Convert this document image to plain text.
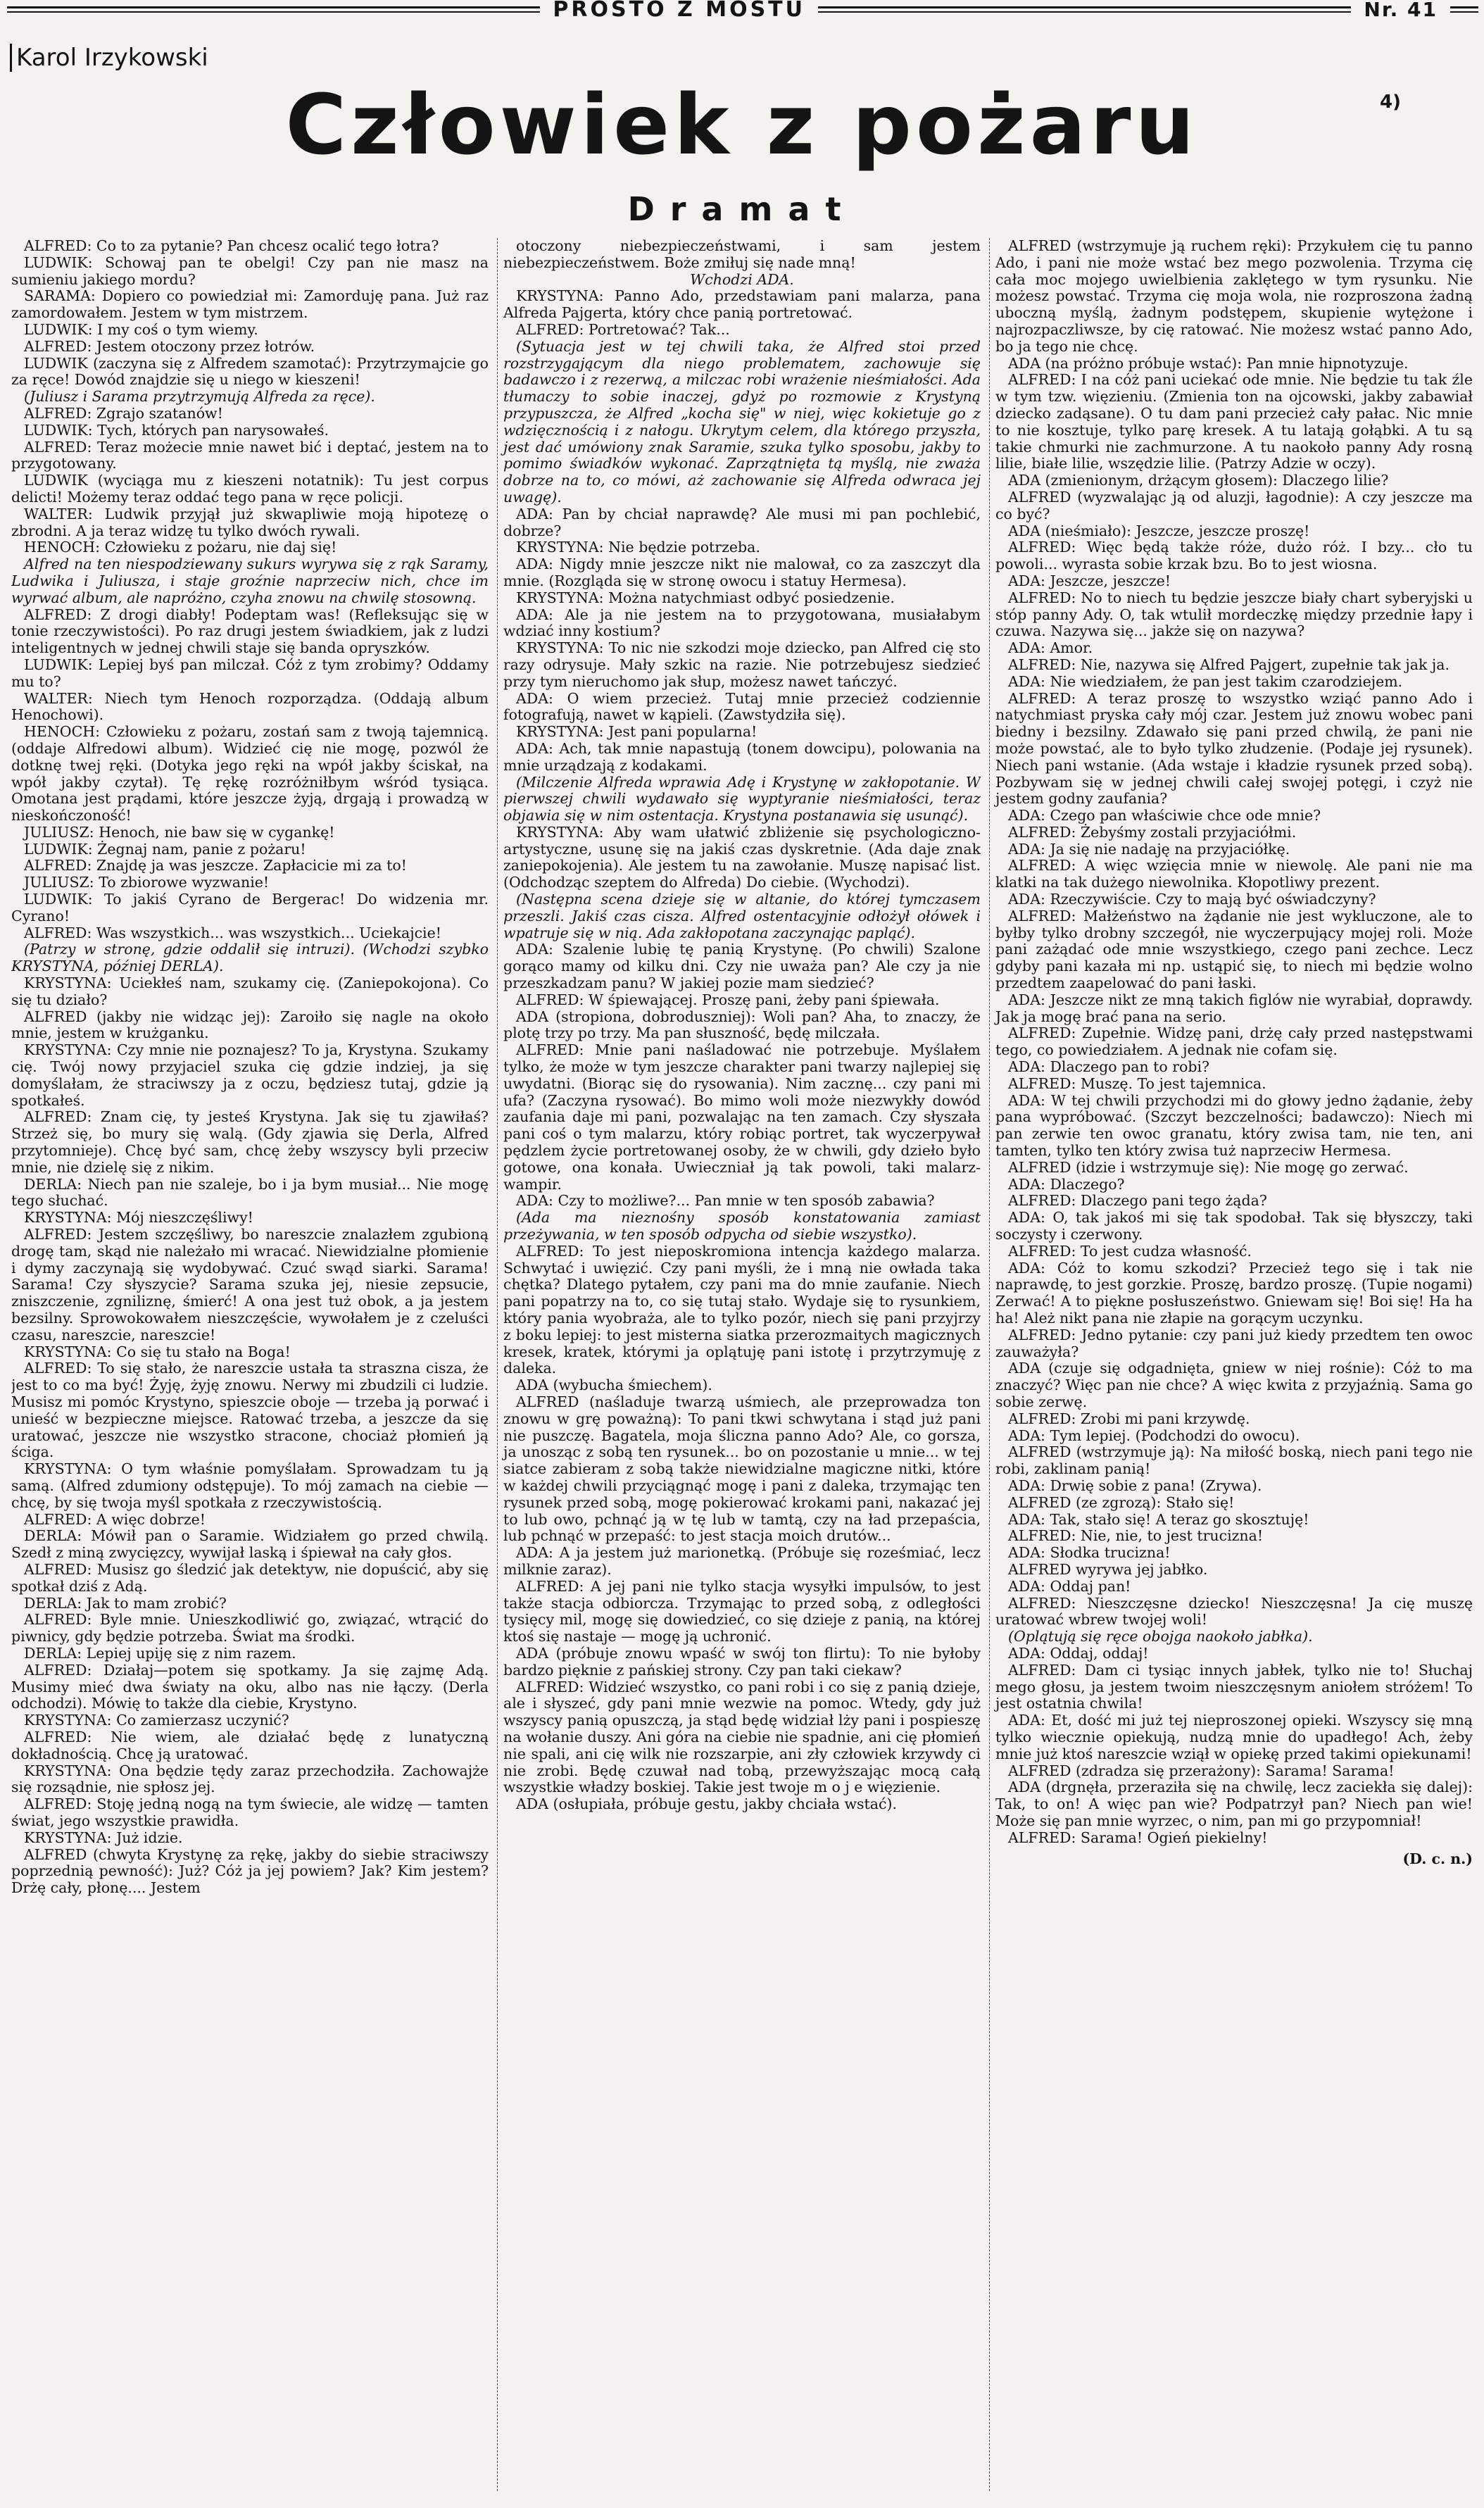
PROSTO Z MOSTU	Nr. 41
Karol Irzykowski
Człowiek z pożaru	4)
Dramat

ALFRED: Co to za pytanie? Pan chcesz ocalić tego łotra?

LUDWIK: Schowaj pan te obelgi! Czy pan nie masz na sumieniu jakiego mordu?

SARAMA: Dopiero co powiedział mi: Zamorduję pana. Już raz zamordowałem. Jestem w tym mistrzem.

LUDWIK: I my coś o tym wiemy.

ALFRED: Jestem otoczony przez łotrów.

LUDWIK (zaczyna się z Alfredem szamotać): Przytrzymajcie go za ręce! Dowód znajdzie się u niego w kieszeni!

(Juliusz i Sarama przytrzymują Alfreda za ręce).

ALFRED: Zgrajo szatanów!

LUDWIK: Tych, których pan narysowałeś.

ALFRED: Teraz możecie mnie nawet bić i deptać, jestem na to przygotowany.

LUDWIK (wyciąga mu z kieszeni notatnik): Tu jest corpus delicti! Możemy teraz oddać tego pana w ręce policji.

WALTER: Ludwik przyjął już skwapliwie moją hipotezę o zbrodni. A ja teraz widzę tu tylko dwóch rywali.

HENOCH: Człowieku z pożaru, nie daj się!

Alfred na ten niespodziewany sukurs wyrywa się z rąk Saramy, Ludwika i Juliusza, i staje groźnie naprzeciw nich, chce im wyrwać album, ale napróżno, czyha znowu na chwilę stosowną.

ALFRED: Z drogi diabły! Podeptam was! (Refleksując się w tonie rzeczywistości). Po raz drugi jestem świadkiem, jak z ludzi inteligentnych w jednej chwili staje się banda opryszków.

LUDWIK: Lepiej byś pan milczał. Cóż z tym zrobimy? Oddamy mu to?

WALTER: Niech tym Henoch rozporządza. (Oddają album Henochowi).

HENOCH: Człowieku z pożaru, zostań sam z twoją tajemnicą. (oddaje Alfredowi album). Widzieć cię nie mogę, pozwól że dotknę twej ręki. (Dotyka jego ręki na wpół jakby ściskał, na wpół jakby czytał). Tę rękę rozróżniłbym wśród tysiąca. Omotana jest prądami, które jeszcze żyją, drgają i prowadzą w nieskończoność!

JULIUSZ: Henoch, nie baw się w cygankę!

LUDWIK: Żegnaj nam, panie z pożaru!

ALFRED: Znajdę ja was jeszcze. Zapłacicie mi za to!

JULIUSZ: To zbiorowe wyzwanie!

LUDWIK: To jakiś Cyrano de Bergerac! Do widzenia mr. Cyrano!

ALFRED: Was wszystkich... was wszystkich... Uciekajcie!

(Patrzy w stronę, gdzie oddalił się intruzi). (Wchodzi szybko KRYSTYNA, później DERLA).

KRYSTYNA: Uciekłeś nam, szukamy cię. (Zaniepokojona). Co się tu działo?

ALFRED (jakby nie widząc jej): Zaroiło się nagle na około mnie, jestem w krużganku.

KRYSTYNA: Czy mnie nie poznajesz? To ja, Krystyna. Szukamy cię. Twój nowy przyjaciel szuka cię gdzie indziej, ja się domyślałam, że straciwszy ja z oczu, będziesz tutaj, gdzie ją spotkałeś.

ALFRED: Znam cię, ty jesteś Krystyna. Jak się tu zjawiłaś? Strzeż się, bo mury się walą. (Gdy zjawia się Derla, Alfred przytomnieje). Chcę być sam, chcę żeby wszyscy byli przeciw mnie, nie dzielę się z nikim.

DERLA: Niech pan nie szaleje, bo i ja bym musiał... Nie mogę tego słuchać.

KRYSTYNA: Mój nieszczęśliwy!

ALFRED: Jestem szczęśliwy, bo nareszcie znalazłem zgubioną drogę tam, skąd nie należało mi wracać. Niewidzialne płomienie i dymy zaczynają się wydobywać. Czuć swąd siarki. Sarama! Sarama! Czy słyszycie? Sarama szuka jej, niesie zepsucie, zniszczenie, zgniliznę, śmierć! A ona jest tuż obok, a ja jestem bezsilny. Sprowokowałem nieszczęście, wywołałem je z czeluści czasu, nareszcie, nareszcie!

KRYSTYNA: Co się tu stało na Boga!

ALFRED: To się stało, że nareszcie ustała ta straszna cisza, że jest to co ma być! Żyję, żyję znowu. Nerwy mi zbudzili ci ludzie. Musisz mi pomóc Krystyno, spieszcie obojе — trzeba ją porwać i unieść w bezpieczne miejsce. Ratować trzeba, a jeszcze da się uratować, jeszcze nie wszystko stracone, chociaż płomień ją ściga.

KRYSTYNA: O tym właśnie pomyślałam. Sprowadzam tu ją samą. (Alfred zdumiony odstępuje). To mój zamach na ciebie — chcę, by się twoja myśl spotkała z rzeczywistością.

ALFRED: A więc dobrze!

DERLA: Mówił pan o Saramie. Widziałem go przed chwilą. Szedł z miną zwycięzcy, wywijał laską i śpiewał na cały głos.

ALFRED: Musisz go śledzić jak detektyw, nie dopuścić, aby się spotkał dziś z Adą.

DERLA: Jak to mam zrobić?

ALFRED: Byle mnie. Unieszkodliwić go, związać, wtrącić do piwnicy, gdy będzie potrzeba. Świat ma środki.

DERLA: Lepiej upiję się z nim razem.

ALFRED: Działaj—potem się spotkamy. Ja się zajmę Adą. Musimy mieć dwa światy na oku, albo nas nie łączy. (Derla odchodzi). Mówię to także dla ciebie, Krystyno.

KRYSTYNA: Co zamierzasz uczynić?

ALFRED: Nie wiem, ale działać będę z lunatyczną dokładnością. Chcę ją uratować.

KRYSTYNA: Ona będzie tędy zaraz przechodziła. Zachowajże się rozsądnie, nie spłosz jej.

ALFRED: Stoję jedną nogą na tym świecie, ale widzę — tamten świat, jego wszystkie prawidła.

KRYSTYNA: Już idzie.

ALFRED (chwyta Krystynę za rękę, jakby do siebie straciwszy poprzednią pewność): Już? Cóż ja jej powiem? Jak? Kim jestem? Drżę cały, płonę.... Jestem

otoczony niebezpieczeństwami, i sam jestem niebezpieczeństwem. Boże zmiłuj się nade mną!

Wchodzi ADA.

KRYSTYNA: Panno Ado, przedstawiam pani malarza, pana Alfreda Pajgerta, który chce panią portretować.

ALFRED: Portretować? Tak...

(Sytuacja jest w tej chwili taka, że Alfred stoi przed rozstrzygającym dla niego problematem, zachowuje się badawczo i z rezerwą, a milczac robi wrażenie nieśmiałości. Ada tłumaczy to sobie inaczej, gdyż po rozmowie z Krystyną przypuszcza, że Alfred „kocha się" w niej, więc kokietuje go z wdzięcznością i z nałogu. Ukrytym celem, dla którego przyszła, jest dać umówiony znak Saramie, szuka tylko sposobu, jakby to pomimo świadków wykonać. Zaprzątnięta tą myślą, nie zważa dobrze na to, co mówi, aż zachowanie się Alfreda odwraca jej uwagę).

ADA: Pan by chciał naprawdę? Ale musi mi pan pochlebić, dobrze?

KRYSTYNA: Nie będzie potrzeba.

ADA: Nigdy mnie jeszcze nikt nie malował, co za zaszczyt dla mnie. (Rozgląda się w stronę owocu i statuy Hermesa).

KRYSTYNA: Można natychmiast odbyć posiedzenie.

ADA: Ale ja nie jestem na to przygotowana, musiałabym wdziać inny kostium?

KRYSTYNA: To nic nie szkodzi moje dziecko, pan Alfred cię sto razy odrysuje. Mały szkic na razie. Nie potrzebujesz siedzieć przy tym nieruchomo jak słup, możesz nawet tańczyć.

ADA: O wiem przecież. Tutaj mnie przecież codziennie fotografują, nawet w kąpieli. (Zawstydziła się).

KRYSTYNA: Jest pani popularna!

ADA: Ach, tak mnie napastują (tonem dowcipu), polowania na mnie urządzają z kodakami.

(Milczenie Alfreda wprawia Adę i Krystynę w zakłopotanie. W pierwszej chwili wydawało się wyptyranie nieśmiałości, teraz objawia się w nim ostentacja. Krystyna postanawia się usunąć).

KRYSTYNA: Aby wam ułatwić zbliżenie się psychologiczno-artystyczne, usunę się na jakiś czas dyskretnie. (Ada daje znak zaniepokojenia). Ale jestem tu na zawołanie. Muszę napisać list. (Odchodząc szeptem do Alfreda) Do ciebie. (Wychodzi).

(Następna scena dzieje się w altanie, do której tymczasem przeszli. Jakiś czas cisza. Alfred ostentacyjnie odłożył ołówek i wpatruje się w nią. Ada zakłopotana zaczynając papląć).

ADA: Szalenie lubię tę panią Krystynę. (Po chwili) Szalone gorąco mamy od kilku dni. Czy nie uważa pan? Ale czy ja nie przeszkadzam panu? W jakiej pozie mam siedzieć?

ALFRED: W śpiewającej. Proszę pani, żeby pani śpiewała.

ADA (stropiona, dobroduszniej): Woli pan? Aha, to znaczy, że plotę trzy po trzy. Ma pan słuszność, będę milczała.

ALFRED: Mnie pani naśladować nie potrzebuje. Myślałem tylko, że może w tym jeszcze charakter pani twarzy najlepiej się uwydatni. (Biorąc się do rysowania). Nim zacznę... czy pani mi ufa? (Zaczyna rysować). Bo mimo woli może niezwykły dowód zaufania daje mi pani, pozwalając na ten zamach. Czy słyszała pani coś o tym malarzu, który robiąc portret, tak wyczerpywał pędzlem życie portretowanej osoby, że w chwili, gdy dzieło było gotowe, ona konała. Uwieczniał ją tak powoli, taki malarz-wampir.

ADA: Czy to możliwe?... Pan mnie w ten sposób zabawia?

(Ada ma nieznośny sposób konstatowania zamiast przeżywania, w ten sposób odpycha od siebie wszystko).

ALFRED: To jest nieposkromiona intencja każdego malarza. Schwytać i uwięzić. Czy pani myśli, że i mną nie owłada taka chętka? Dlatego pytałem, czy pani ma do mnie zaufanie. Niech pani popatrzy na to, co się tutaj stało. Wydaje się to rysunkiem, który pania wyobraża, ale to tylko pozór, niech się pani przyjrzy z boku lepiej: to jest misterna siatka przerozmaitych magicznych kresek, kratek, którymi ja oplątuję pani istotę i przytrzymuję z daleka.

ADA (wybucha śmiechem).

ALFRED (naśladuje twarzą uśmiech, ale przeprowadza ton znowu w grę poważną): To pani tkwi schwytana i stąd już pani nie puszczę. Bagatela, moja śliczna panno Ado? Ale, co gorsza, ja unosząc z sobą ten rysunek... bo on pozostanie u mnie... w tej siatce zabieram z sobą także niewidzialne magiczne nitki, które w każdej chwili przyciągnąć mogę i pani z daleka, trzymając ten rysunek przed sobą, mogę pokierować krokami pani, nakazać jej to lub owo, pchnąć ją w tę lub w tamtą, czy na ład przepaścia, lub pchnąć w przepaść: to jest stacja moich drutów...

ADA: A ja jestem już marionetką. (Próbuje się roześmiać, lecz milknie zaraz).

ALFRED: A jej pani nie tylko stacja wysyłki impulsów, to jest także stacja odbiorcza. Trzymając to przed sobą, z odległości tysięcy mil, mogę się dowiedzieć, co się dzieje z panią, na której ktoś się nastaje — mogę ją uchronić.

ADA (próbuje znowu wpaść w swój ton flirtu): To nie byłoby bardzo pięknie z pańskiej strony. Czy pan taki ciekaw?

ALFRED: Widzieć wszystko, co pani robi i co się z panią dzieje, ale i słyszeć, gdy pani mnie wezwie na pomoc. Wtedy, gdy już wszyscy panią opuszczą, ja stąd będę widział lży pani i pospieszę na wołanie duszy. Ani góra na ciebie nie spadnie, ani cię płomień nie spali, ani cię wilk nie rozszarpie, ani zły człowiek krzywdy ci nie zrobi. Będę czuwał nad tobą, przewyższając mocą całą wszystkie władzy boskiej. Takie jest twoje m o j e więzienie.

ADA (osłupiała, próbuje gestu, jakby chciała wstać).

ALFRED (wstrzymuje ją ruchem ręki): Przykułem cię tu panno Ado, i pani nie może wstać bez mego pozwolenia. Trzyma cię cała moc mojego uwielbienia zaklętego w tym rysunku. Nie możesz powstać. Trzyma cię moja wola, nie rozproszona żadną uboczną myślą, żadnym podstępem, skupienie wytężone i najrozpaczliwsze, by cię ratować. Nie możesz wstać panno Ado, bo ja tego nie chcę.

ADA (na próżno próbuje wstać): Pan mnie hipnotyzuje.

ALFRED: I na cóż pani uciekać ode mnie. Nie będzie tu tak źle w tym tzw. więzieniu. (Zmienia ton na ojcowski, jakby zabawiał dziecko zadąsane). O tu dam pani przecież cały pałac. Nic mnie to nie kosztuje, tylko parę kresek. A tu latają gołąbki. A tu są takie chmurki nie zachmurzone. A tu naokoło panny Ady rosną lilie, białe lilie, wszędzie lilie. (Patrzy Adzie w oczy).

ADA (zmienionym, drżącym głosem): Dlaczego lilie?

ALFRED (wyzwalając ją od aluzji, łagodnie): A czy jeszcze ma co być?

ADA (nieśmiało): Jeszcze, jeszcze proszę!

ALFRED: Więc będą także róże, dużo róż. I bzy... cło tu powoli... wyrasta sobie krzak bzu. Bo to jest wiosna.

ADA: Jeszcze, jeszcze!

ALFRED: No to niech tu będzie jeszcze biały chart syberyjski u stóp panny Ady. O, tak wtulił mordeczkę między przednie łapy i czuwa. Nazywa się... jakże się on nazywa?

ADA: Amor.

ALFRED: Nie, nazywa się Alfred Pajgert, zupełnie tak jak ja.

ADA: Nie wiedziałem, że pan jest takim czarodziejem.

ALFRED: A teraz proszę to wszystko wziąć panno Ado i natychmiast pryska cały mój czar. Jestem już znowu wobec pani biedny i bezsilny. Zdawało się pani przed chwilą, że pani nie może powstać, ale to było tylko złudzenie. (Podaje jej rysunek). Niech pani wstanie. (Ada wstaje i kładzie rysunek przed sobą). Pozbywam się w jednej chwili całej swojej potęgi, i czyż nie jestem godny zaufania?

ADA: Czego pan właściwie chce ode mnie?

ALFRED: Żebyśmy zostali przyjaciółmi.

ADA: Ja się nie nadaję na przyjaciółkę.

ALFRED: A więc wzięcia mnie w niewolę. Ale pani nie ma klatki na tak dużego niewolnika. Kłopotliwy prezent.

ADA: Rzeczywiście. Czy to mają być oświadczyny?

ALFRED: Małżeństwo na żądanie nie jest wykluczone, ale to byłby tylko drobny szczegół, nie wyczerpujący mojej roli. Może pani zażądać ode mnie wszystkiego, czego pani zechce. Lecz gdyby pani kazała mi np. ustąpić się, to niech mi będzie wolno przedtem zaapelować do pani łaski.

ADA: Jeszcze nikt ze mną takich figlów nie wyrabiał, doprawdy. Jak ja mogę brać pana na serio.

ALFRED: Zupełnie. Widzę pani, drżę cały przed następstwami tego, co powiedziałem. A jednak nie cofam się.

ADA: Dlaczego pan to robi?

ALFRED: Muszę. To jest tajemnica.

ADA: W tej chwili przychodzi mi do głowy jedno żądanie, żeby pana wypróbować. (Szczyt bezczelności; badawczo): Niech mi pan zerwie ten owoc granatu, który zwisa tam, nie ten, ani tamten, tylko ten który zwisa tuż naprzeciw Hermesa.

ALFRED (idzie i wstrzymuje się): Nie mogę go zerwać.

ADA: Dlaczego?

ALFRED: Dlaczego pani tego żąda?

ADA: O, tak jakoś mi się tak spodobał. Tak się błyszczy, taki soczysty i czerwony.

ALFRED: To jest cudza własność.

ADA: Cóż to komu szkodzi? Przecież tego się i tak nie naprawdę, to jest gorzkie. Proszę, bardzo proszę. (Tupie nogami) Zerwać! A to piękne posłuszeństwo. Gniewam się! Boi się! Ha ha ha! Ależ nikt pana nie złapie na gorącym uczynku.

ALFRED: Jedno pytanie: czy pani już kiedy przedtem ten owoc zauważyła?

ADA (czuje się odgadnięta, gniew w niej rośnie): Cóż to ma znaczyć? Więc pan nie chce? A więc kwita z przyjaźnią. Sama go sobie zerwę.

ALFRED: Zrobi mi pani krzywdę.

ADA: Tym lepiej. (Podchodzi do owocu).

ALFRED (wstrzymuje ją): Na miłość boską, niech pani tego nie robi, zaklinam panią!

ADA: Drwię sobie z pana! (Zrywa).

ALFRED (ze zgrozą): Stało się!

ADA: Tak, stało się! A teraz go skosztuję!

ALFRED: Nie, nie, to jest trucizna!

ADA: Słodka trucizna!

ALFRED wyrywa jej jabłko.

ADA: Oddaj pan!

ALFRED: Nieszczęsne dziecko! Nieszczęsna! Ja cię muszę uratować wbrew twojej woli!

(Oplątują się ręce obojga naokoło jabłka).

ADA: Oddaj, oddaj!

ALFRED: Dam ci tysiąc innych jabłek, tylko nie to! Słuchaj mego głosu, ja jestem twoim nieszczęsnym aniołem stróżem! To jest ostatnia chwila!

ADA: Et, dość mi już tej nieproszonej opieki. Wszyscy się mną tylko wiecznie opiekują, nudzą mnie do upadłego! Ach, żeby mnie już ktoś nareszcie wziął w opiekę przed takimi opiekunami!

ALFRED (zdradza się przerażony): Sarama! Sarama!

ADA (drgnęła, przeraziła się na chwilę, lecz zaciekła się dalej): Tak, to on! A więc pan wie? Podpatrzył pan? Niech pan wie! Może się pan mnie wyrzec, o nim, pan mi go przypomniał!

ALFRED: Sarama! Ogień piekielny!

(D. c. n.)
